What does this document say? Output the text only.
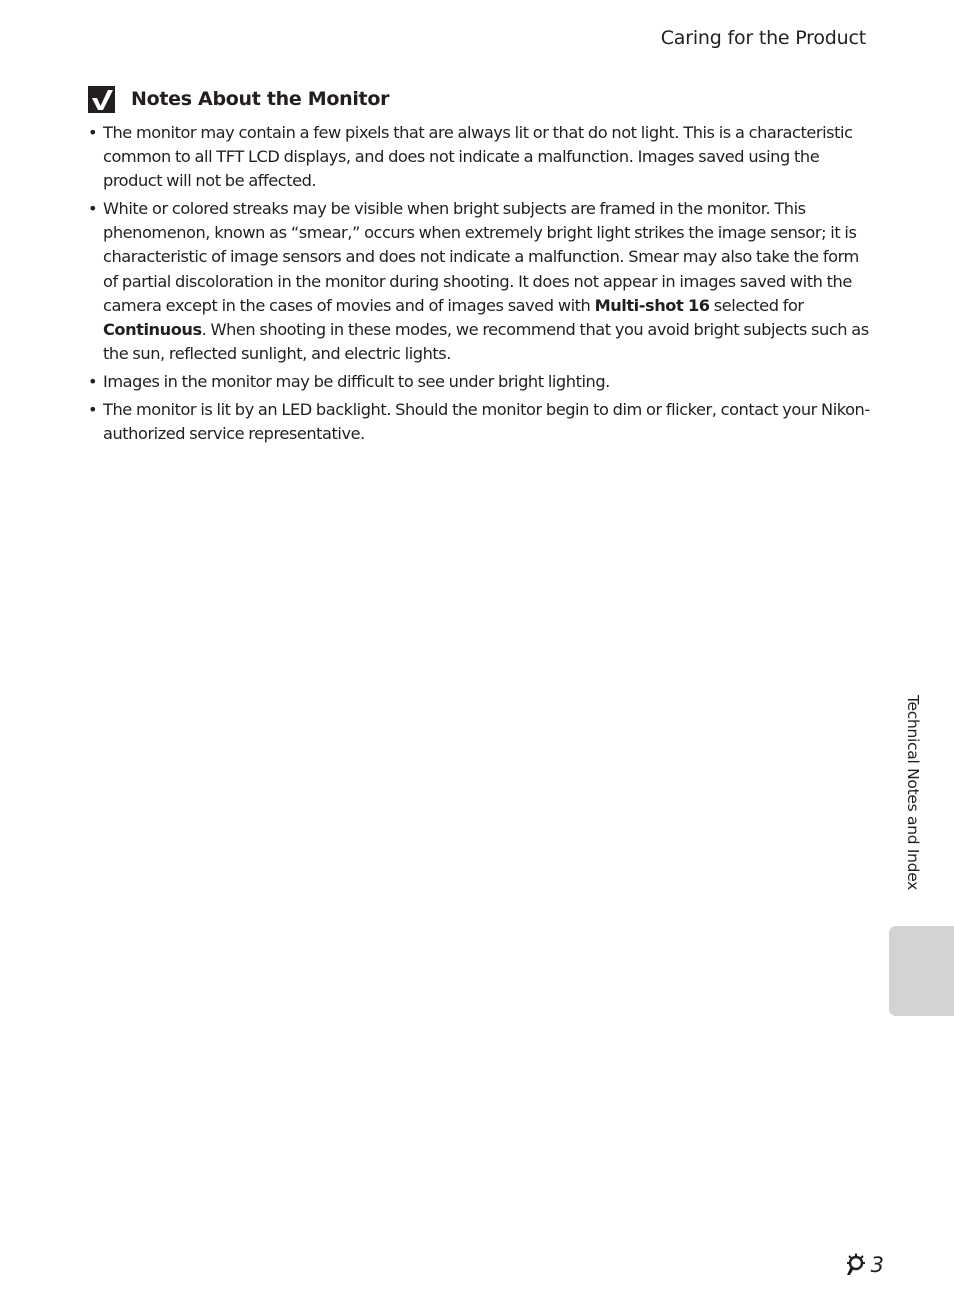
Caring for the Product
Notes About the Monitor
• The monitor may contain a few pixels that are always lit or that do not light. This is a characteristic common to all TFT LCD displays, and does not indicate a malfunction. Images saved using the product will not be affected.
• White or colored streaks may be visible when bright subjects are framed in the monitor. This phenomenon, known as “smear,” occurs when extremely bright light strikes the image sensor; it is characteristic of image sensors and does not indicate a malfunction. Smear may also take the form of partial discoloration in the monitor during shooting. It does not appear in images saved with the camera except in the cases of movies and of images saved with Multi-shot 16 selected for Continuous. When shooting in these modes, we recommend that you avoid bright subjects such as the sun, reflected sunlight, and electric lights.
• Images in the monitor may be difficult to see under bright lighting.
• The monitor is lit by an LED backlight. Should the monitor begin to dim or flicker, contact your Nikon-authorized service representative.
Technical Notes and Index
3
